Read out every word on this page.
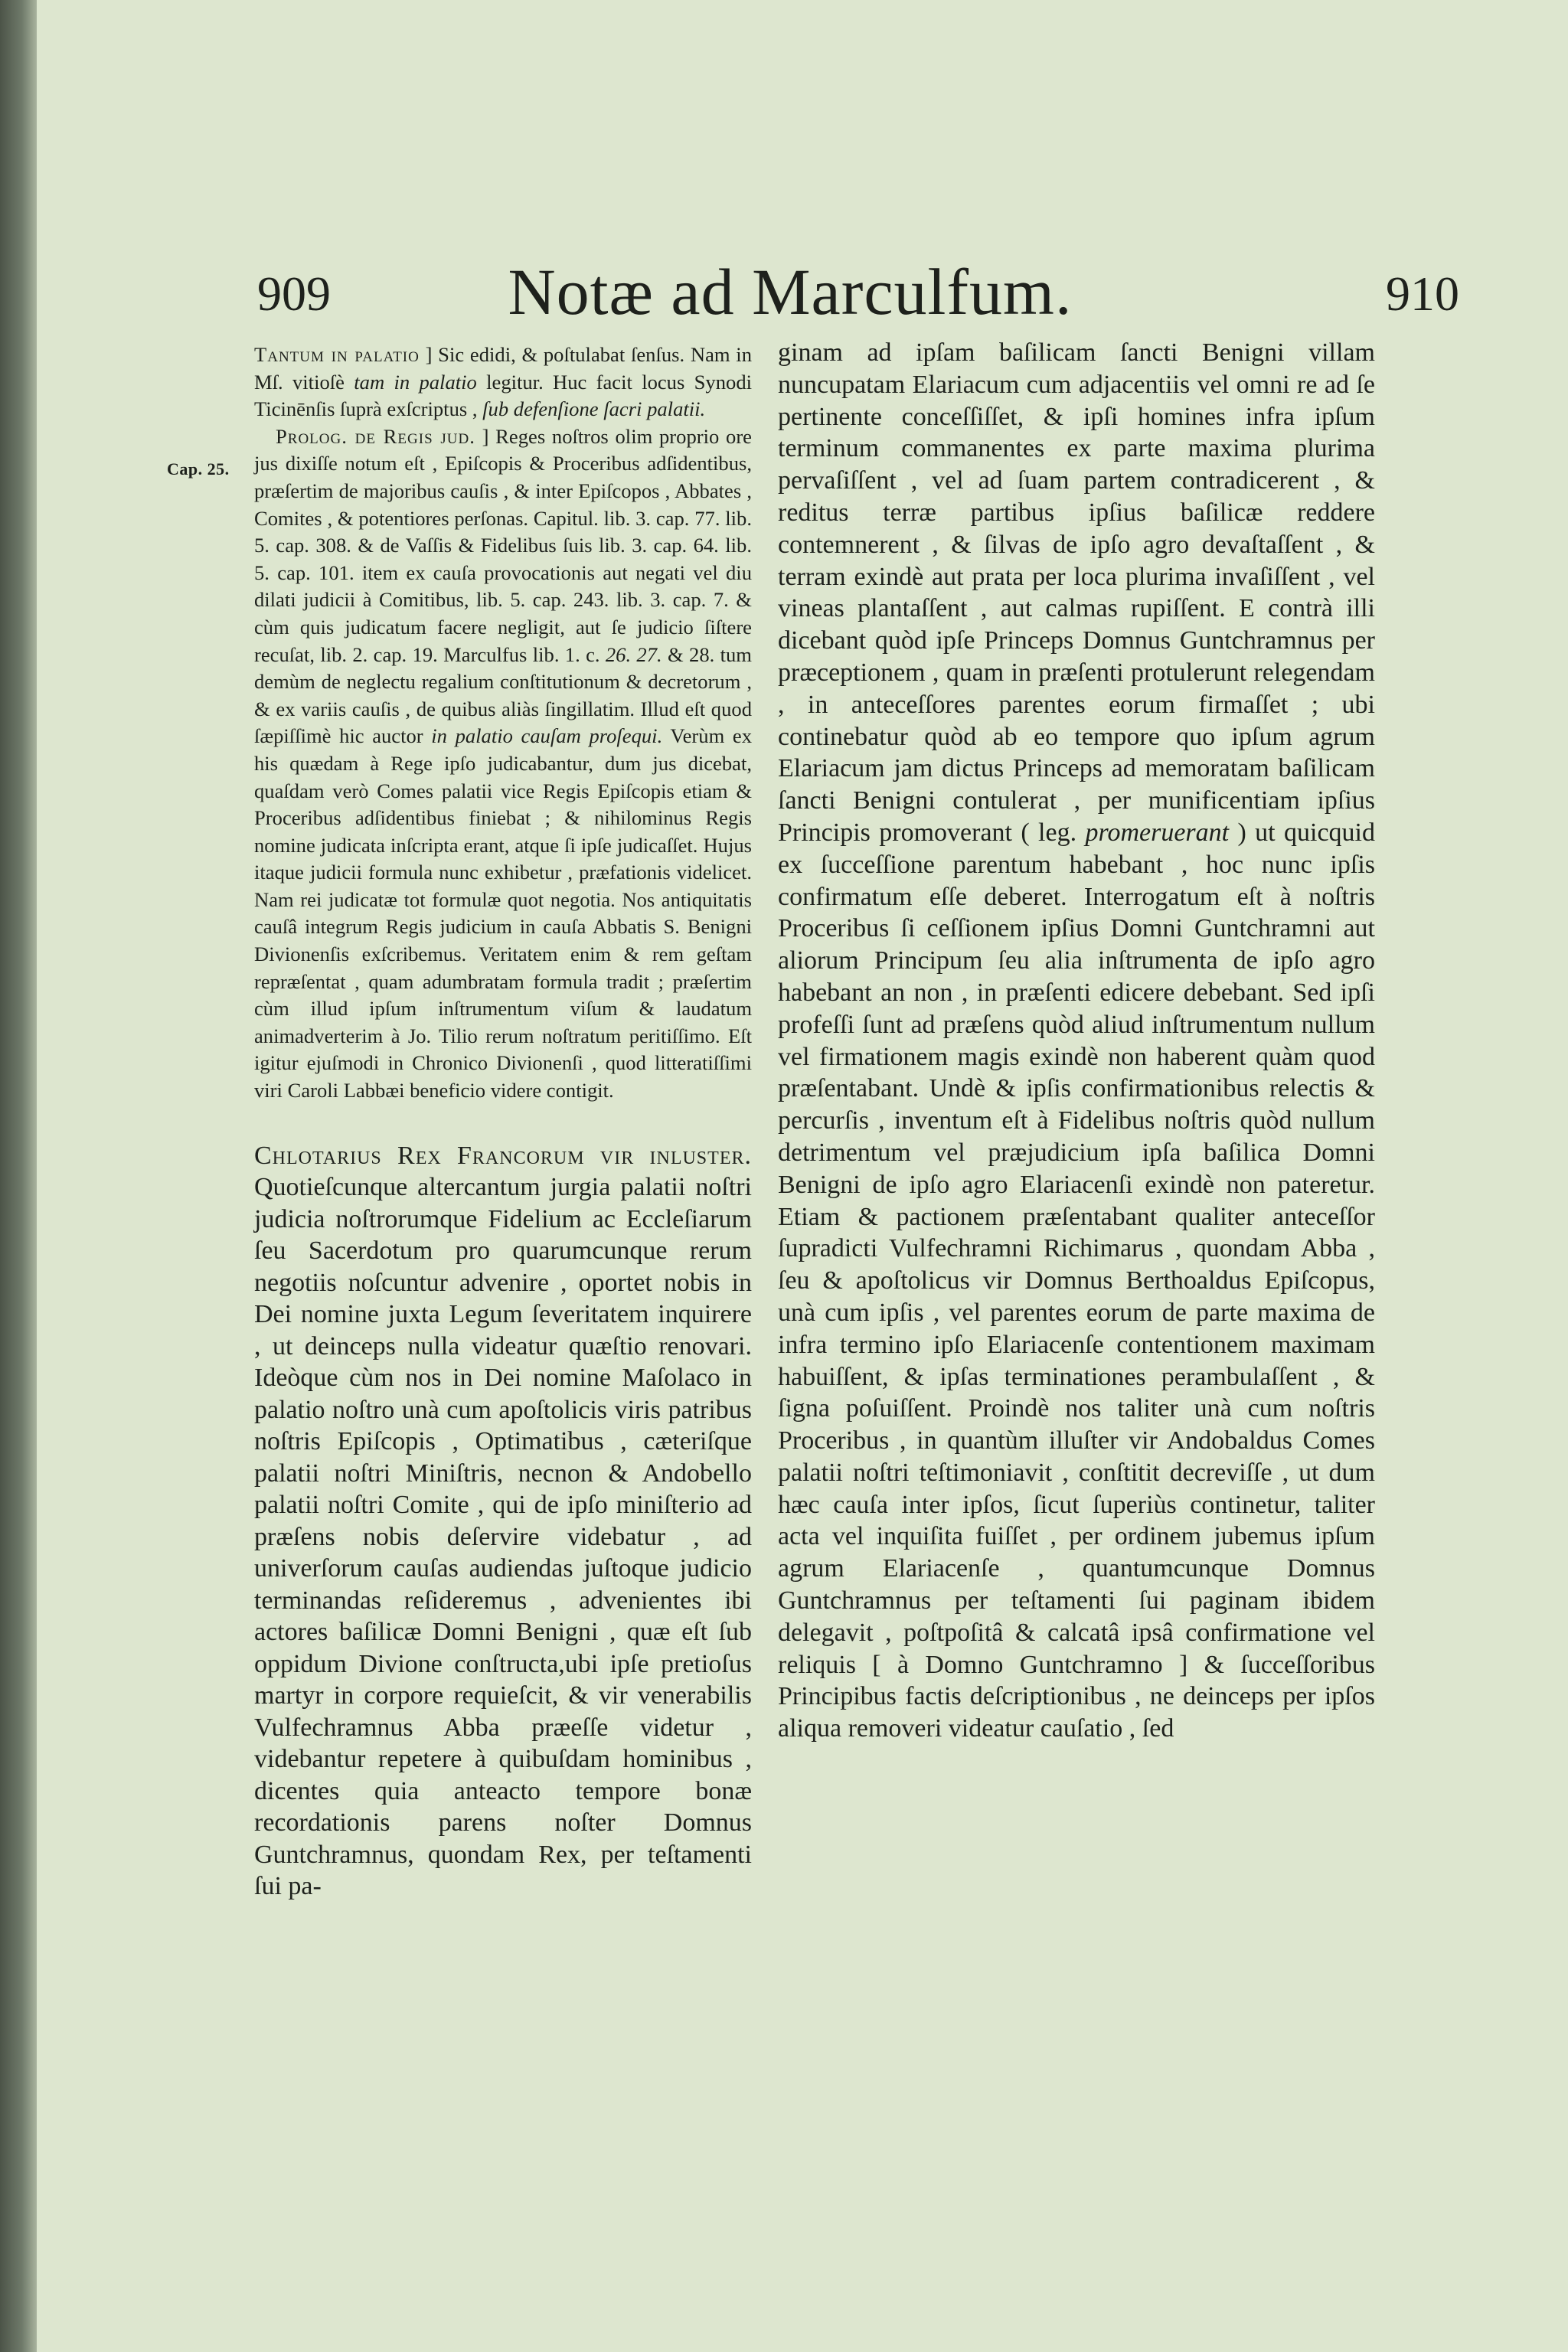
909	Notæ ad Marculfum.	910
Cap. 25.

Tantum in palatio ] Sic edidi, & poſtulabat ſenſus. Nam in Mſ. vitioſè tam in palatio legitur. Huc facit locus Synodi Ticinēnſis ſuprà exſcriptus , ſub defenſione ſacri palatii.

Prolog. de Regis jud. ] Reges noſtros olim proprio ore jus dixiſſe notum eſt , Epiſcopis & Proceribus adſidentibus, præſertim de majoribus cauſis , & inter Epiſcopos , Abbates , Comites , & potentiores perſonas. Capitul. lib. 3. cap. 77. lib. 5. cap. 308. & de Vaſſis & Fidelibus ſuis lib. 3. cap. 64. lib. 5. cap. 101. item ex cauſa provocationis aut negati vel diu dilati judicii à Comitibus, lib. 5. cap. 243. lib. 3. cap. 7. & cùm quis judicatum facere negligit, aut ſe judicio ſiſtere recuſat, lib. 2. cap. 19. Marculfus lib. 1. c. 26. 27. & 28. tum demùm de neglectu regalium conſtitutionum & decretorum , & ex variis cauſis , de quibus aliàs ſingillatim. Illud eſt quod ſæpiſſimè hic auctor in palatio cauſam proſequi. Verùm ex his quædam à Rege ipſo judicabantur, dum jus dicebat, quaſdam verò Comes palatii vice Regis Epiſcopis etiam & Proceribus adſidentibus finiebat ; & nihilominus Regis nomine judicata inſcripta erant, atque ſi ipſe judicaſſet. Hujus itaque judicii formula nunc exhibetur , præfationis videlicet. Nam rei judicatæ tot formulæ quot negotia. Nos antiquitatis cauſâ integrum Regis judicium in cauſa Abbatis S. Benigni Divionenſis exſcribemus. Veritatem enim & rem geſtam repræſentat , quam adumbratam formula tradit ; præſertim cùm illud ipſum inſtrumentum viſum & laudatum animadverterim à Jo. Tilio rerum noſtratum peritiſſimo. Eſt igitur ejuſmodi in Chronico Divionenſi , quod litteratiſſimi viri Caroli Labbæi beneficio videre contigit.

Chlotarius Rex Francorum vir inluster. Quotieſcunque altercantum jurgia palatii noſtri judicia noſtrorumque Fidelium ac Eccleſiarum ſeu Sacerdotum pro quarumcunque rerum negotiis noſcuntur advenire , oportet nobis in Dei nomine juxta Legum ſeveritatem inquirere , ut deinceps nulla videatur quæſtio renovari. Ideòque cùm nos in Dei nomine Maſolaco in palatio noſtro unà cum apoſtolicis viris patribus noſtris Epiſcopis , Optimatibus , cæteriſque palatii noſtri Miniſtris, necnon & Andobello palatii noſtri Comite , qui de ipſo miniſterio ad præſens nobis deſervire videbatur , ad univerſorum cauſas audiendas juſtoque judicio terminandas reſideremus , advenientes ibi actores baſilicæ Domni Benigni , quæ eſt ſub oppidum Divione conſtructa,ubi ipſe pretioſus martyr in corpore requieſcit, & vir venerabilis Vulfechramnus Abba præeſſe videtur , videbantur repetere à quibuſdam hominibus , dicentes quia anteacto tempore bonæ recordationis parens noſter Domnus Guntchramnus, quondam Rex, per teſtamenti ſui pa-

ginam ad ipſam baſilicam ſancti Benigni villam nuncupatam Elariacum cum adjacentiis vel omni re ad ſe pertinente conceſſiſſet, & ipſi homines infra ipſum terminum commanentes ex parte maxima plurima pervaſiſſent , vel ad ſuam partem contradicerent , & reditus terræ partibus ipſius baſilicæ reddere contemnerent , & ſilvas de ipſo agro devaſtaſſent , & terram exindè aut prata per loca plurima invaſiſſent , vel vineas plantaſſent , aut calmas rupiſſent. E contrà illi dicebant quòd ipſe Princeps Domnus Guntchramnus per præceptionem , quam in præſenti protulerunt relegendam , in anteceſſores parentes eorum firmaſſet ; ubi continebatur quòd ab eo tempore quo ipſum agrum Elariacum jam dictus Princeps ad memoratam baſilicam ſancti Benigni contulerat , per munificentiam ipſius Principis promoverant ( leg. promeruerant ) ut quicquid ex ſucceſſione parentum habebant , hoc nunc ipſis confirmatum eſſe deberet. Interrogatum eſt à noſtris Proceribus ſi ceſſionem ipſius Domni Guntchramni aut aliorum Principum ſeu alia inſtrumenta de ipſo agro habebant an non , in præſenti edicere debebant. Sed ipſi profeſſi ſunt ad præſens quòd aliud inſtrumentum nullum vel firmationem magis exindè non haberent quàm quod præſentabant. Undè & ipſis confirmationibus relectis & percurſis , inventum eſt à Fidelibus noſtris quòd nullum detrimentum vel præjudicium ipſa baſilica Domni Benigni de ipſo agro Elariacenſi exindè non pateretur. Etiam & pactionem præſentabant qualiter anteceſſor ſupradicti Vulfechramni Richimarus , quondam Abba , ſeu & apoſtolicus vir Domnus Berthoaldus Epiſcopus, unà cum ipſis , vel parentes eorum de parte maxima de infra termino ipſo Elariacenſe contentionem maximam habuiſſent, & ipſas terminationes perambulaſſent , & ſigna poſuiſſent. Proindè nos taliter unà cum noſtris Proceribus , in quantùm illuſter vir Andobaldus Comes palatii noſtri teſtimoniavit , conſtitit decreviſſe , ut dum hæc cauſa inter ipſos, ſicut ſuperiùs continetur, taliter acta vel inquiſita fuiſſet , per ordinem jubemus ipſum agrum Elariacenſe , quantumcunque Domnus Guntchramnus per teſtamenti ſui paginam ibidem delegavit , poſtpoſitâ & calcatâ ipsâ confirmatione vel reliquis [ à Domno Guntchramno ] & ſucceſſoribus Principibus factis deſcriptionibus , ne deinceps per ipſos aliqua removeri videatur cauſatio , ſed
